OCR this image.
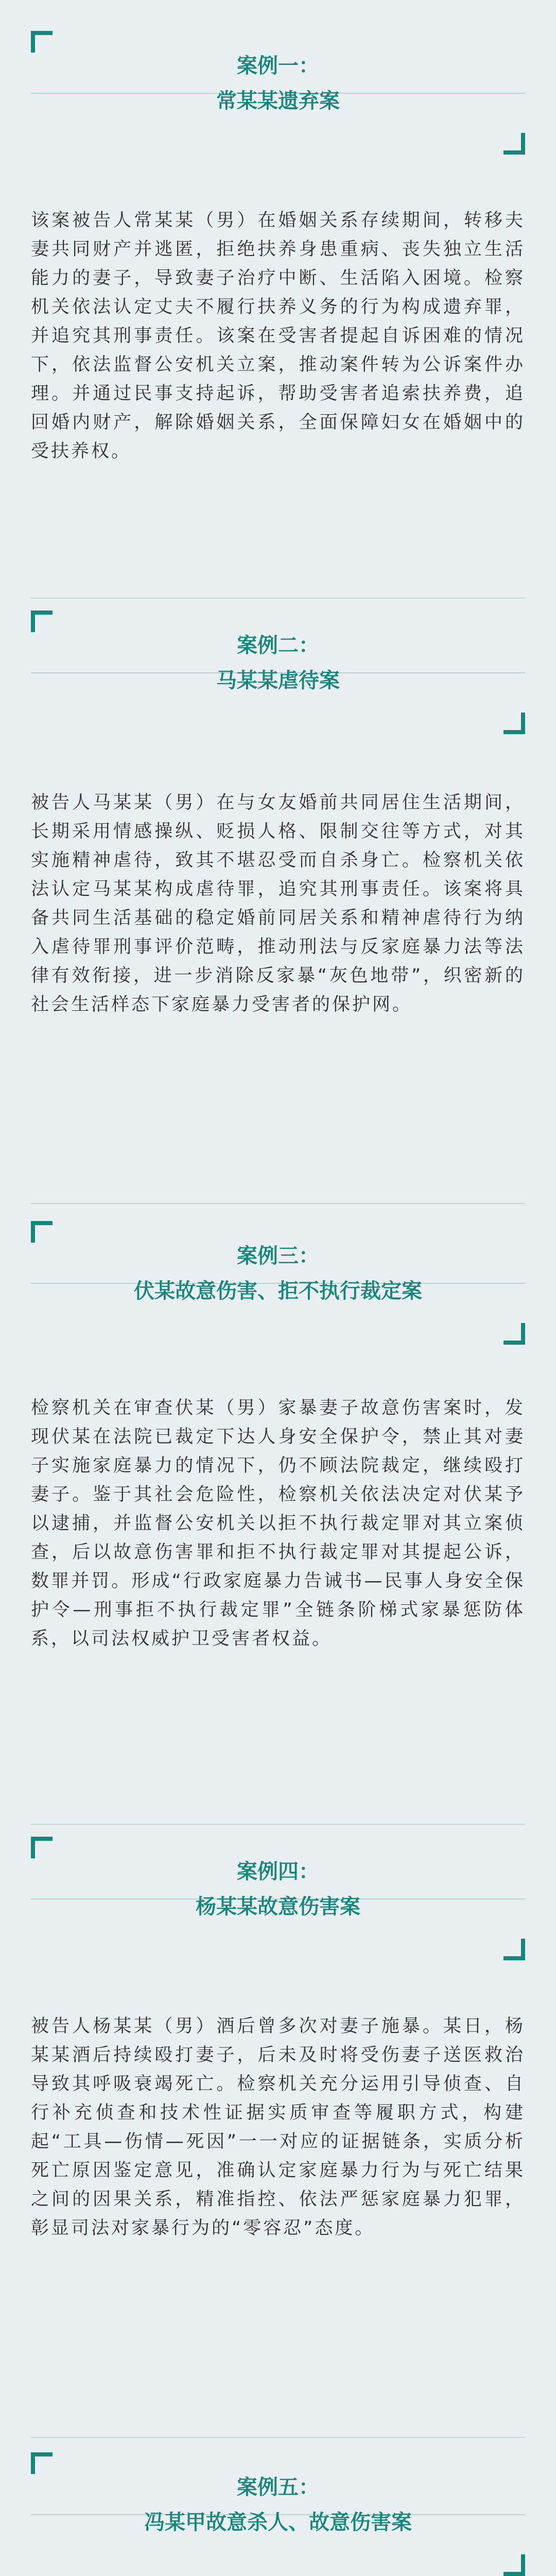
案例一：
常某某遗弃案
该案被告人常某某（男）在婚姻关系存续期间，转移夫妻共同财产并逃匿，拒绝扶养身患重病、丧失独立生活能力的妻子，导致妻子治疗中断、生活陷入困境。检察机关依法认定丈夫不履行扶养义务的行为构成遗弃罪，并追究其刑事责任。该案在受害者提起自诉困难的情况下，依法监督公安机关立案，推动案件转为公诉案件办理。并通过民事支持起诉，帮助受害者追索扶养费，追回婚内财产，解除婚姻关系，全面保障妇女在婚姻中的受扶养权。
案例二：
马某某虐待案
被告人马某某（男）在与女友婚前共同居住生活期间，长期采用情感操纵、贬损人格、限制交往等方式，对其实施精神虐待，致其不堪忍受而自杀身亡。检察机关依法认定马某某构成虐待罪，追究其刑事责任。该案将具备共同生活基础的稳定婚前同居关系和精神虐待行为纳入虐待罪刑事评价范畴，推动刑法与反家庭暴力法等法律有效衔接，进一步消除反家暴“灰色地带”，织密新的社会生活样态下家庭暴力受害者的保护网。
案例三：
伏某故意伤害、拒不执行裁定案
检察机关在审查伏某（男）家暴妻子故意伤害案时，发现伏某在法院已裁定下达人身安全保护令，禁止其对妻子实施家庭暴力的情况下，仍不顾法院裁定，继续殴打妻子。鉴于其社会危险性，检察机关依法决定对伏某予以逮捕，并监督公安机关以拒不执行裁定罪对其立案侦查，后以故意伤害罪和拒不执行裁定罪对其提起公诉，数罪并罚。形成“行政家庭暴力告诫书—民事人身安全保护令—刑事拒不执行裁定罪”全链条阶梯式家暴惩防体系，以司法权威护卫受害者权益。
案例四：
杨某某故意伤害案
被告人杨某某（男）酒后曾多次对妻子施暴。某日，杨某某酒后持续殴打妻子，后未及时将受伤妻子送医救治导致其呼吸衰竭死亡。检察机关充分运用引导侦查、自行补充侦查和技术性证据实质审查等履职方式，构建起“工具—伤情—死因”一一对应的证据链条，实质分析死亡原因鉴定意见，准确认定家庭暴力行为与死亡结果之间的因果关系，精准指控、依法严惩家庭暴力犯罪，彰显司法对家暴行为的“零容忍”态度。
案例五：
冯某甲故意杀人、故意伤害案
